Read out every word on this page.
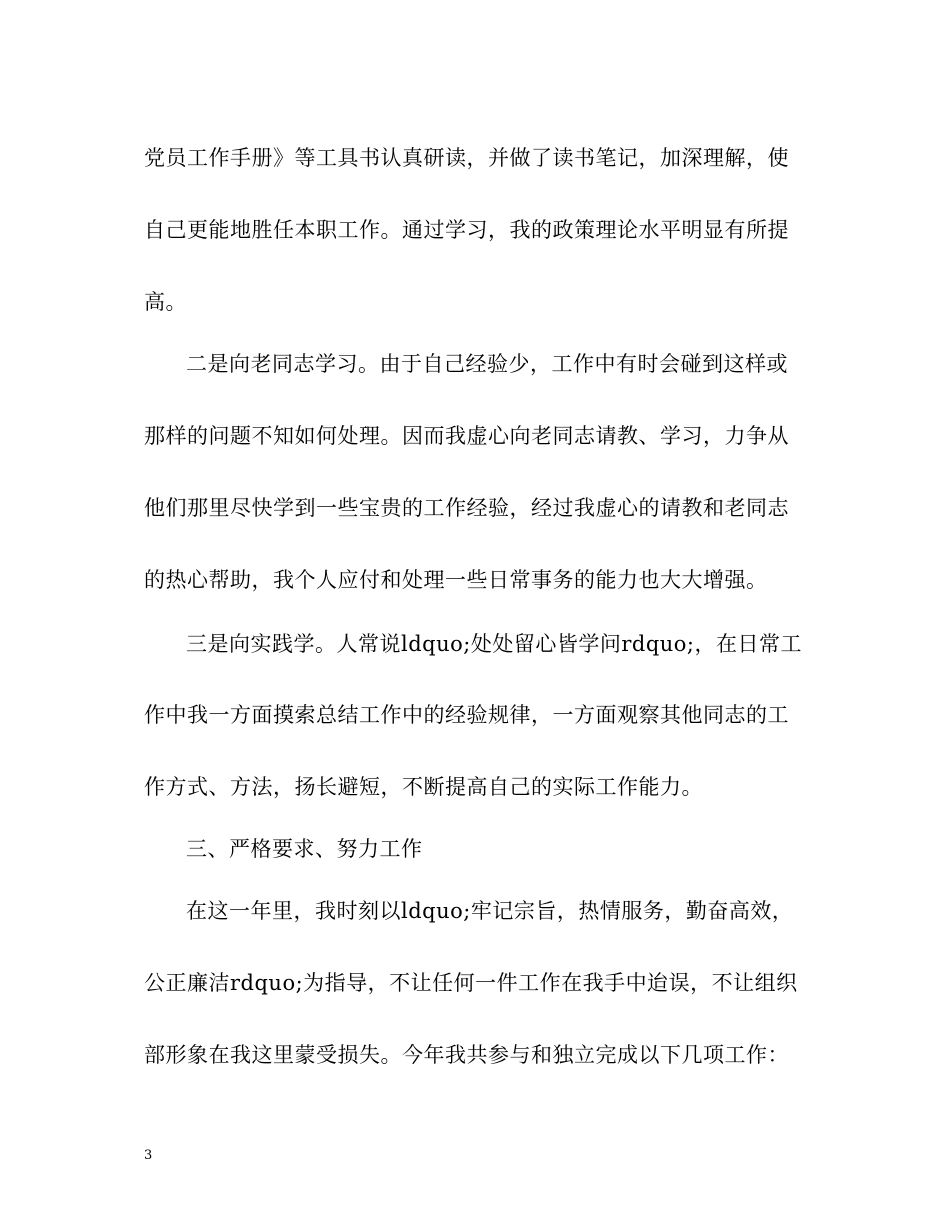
党员工作手册》等工具书认真研读，并做了读书笔记，加深理解，使
自己更能地胜任本职工作。通过学习，我的政策理论水平明显有所提
高。
二是向老同志学习。由于自己经验少，工作中有时会碰到这样或
那样的问题不知如何处理。因而我虚心向老同志请教、学习，力争从
他们那里尽快学到一些宝贵的工作经验，经过我虚心的请教和老同志
的热心帮助，我个人应付和处理一些日常事务的能力也大大增强。
三是向实践学。人常说ldquo;处处留心皆学问rdquo;，在日常工
作中我一方面摸索总结工作中的经验规律，一方面观察其他同志的工
作方式、方法，扬长避短，不断提高自己的实际工作能力。
三、严格要求、努力工作
在这一年里，我时刻以ldquo;牢记宗旨，热情服务，勤奋高效，
公正廉洁rdquo;为指导，不让任何一件工作在我手中迨误，不让组织
部形象在我这里蒙受损失。今年我共参与和独立完成以下几项工作：
3
